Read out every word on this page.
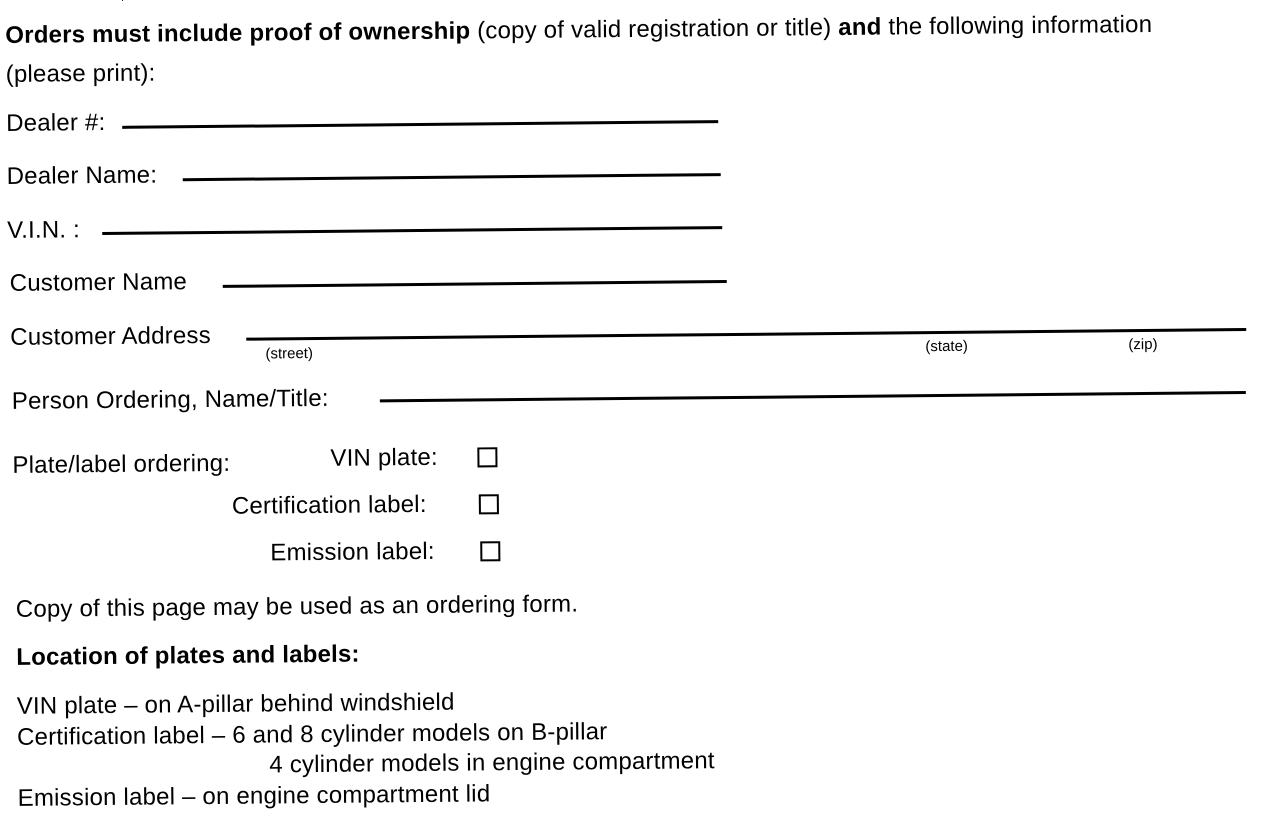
Orders must include proof of ownership (copy of valid registration or title) and the following information
(please print):
Dealer #:
Dealer Name:
V.I.N. :
Customer Name
Customer Address
(street)	(state)	(zip)
Person Ordering, Name/Title:
Plate/label ordering:	VIN plate:
Certification label:
Emission label:
Copy of this page may be used as an ordering form.
Location of plates and labels:
VIN plate – on A-pillar behind windshield
Certification label – 6 and 8 cylinder models on B-pillar
4 cylinder models in engine compartment
Emission label – on engine compartment lid
